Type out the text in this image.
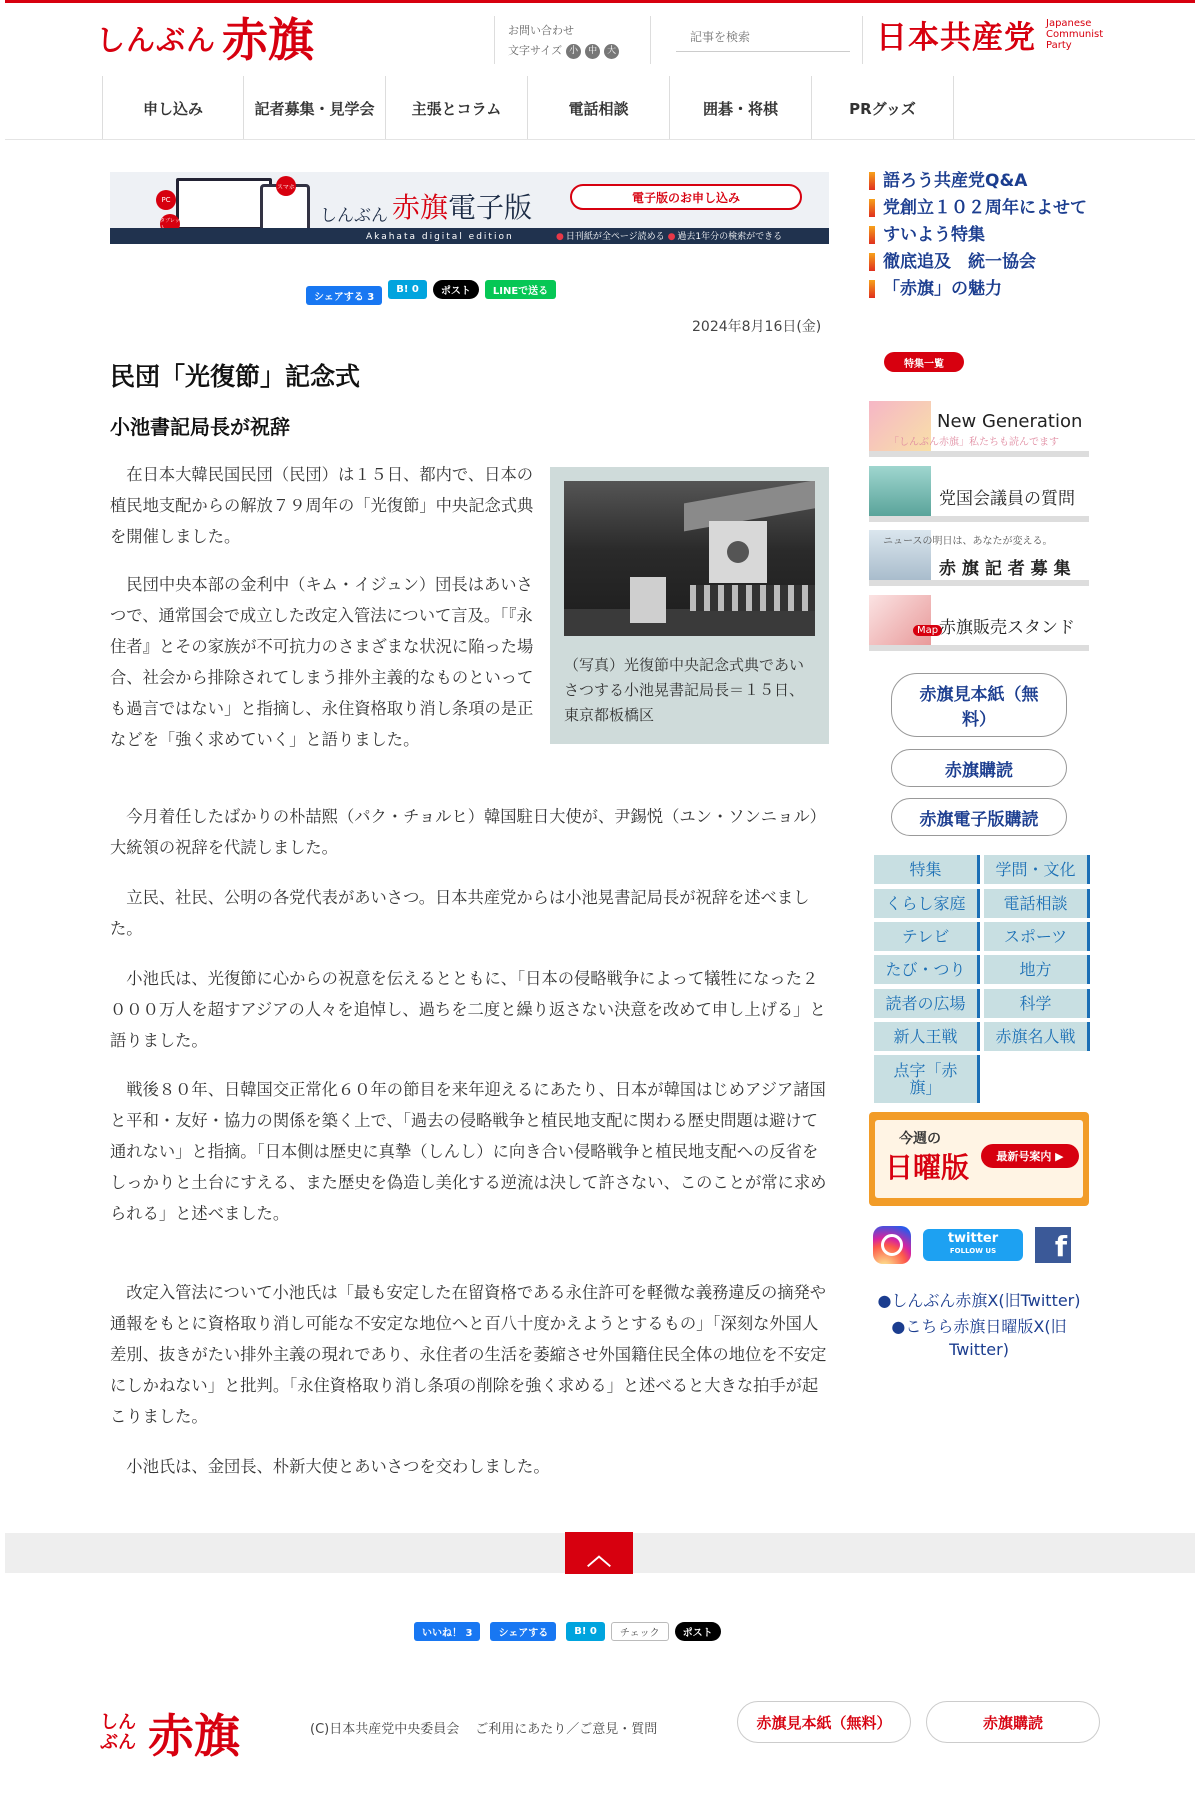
しんぶん 赤旗	お問い合わせ
文字サイズ 小	中	大
記事を検索	日本共産党 Japanese
Communist
Party
申し込み	記者募集・見学会	主張とコラム	電話相談	囲碁・将棋	PRグッズ
PC
タブレッ
スマホ
しんぶん 赤旗 電子版
Akahata digital edition
電子版のお申し込み
● 日刊紙が全ページ読める ● 過去1年分の検索ができる
シェアする 3
B! 0	ポスト	LINEで送る
2024年8月16日(金)
民団「光復節」記念式
小池書記局長が祝辞

在日本大韓民国民団（民団）は１５日、都内で、日本の植民地支配からの解放７９周年の「光復節」中央記念式典を開催しました。

民団中央本部の金利中（キム・イジュン）団長はあいさつで、通常国会で成立した改定入管法について言及。「『永住者』とその家族が不可抗力のさまざまな状況に陥った場合、社会から排除されてしまう排外主義的なものといっても過言ではない」と指摘し、永住資格取り消し条項の是正などを「強く求めていく」と語りました。

（写真）光復節中央記念式典であいさつする小池晃書記局長＝１５日、東京都板橋区

今月着任したばかりの朴喆熙（パク・チョルヒ）韓国駐日大使が、尹錫悦（ユン・ソンニョル）大統領の祝辞を代読しました。

立民、社民、公明の各党代表があいさつ。日本共産党からは小池晃書記局長が祝辞を述べました。

小池氏は、光復節に心からの祝意を伝えるとともに、「日本の侵略戦争によって犠牲になった２０００万人を超すアジアの人々を追悼し、過ちを二度と繰り返さない決意を改めて申し上げる」と語りました。

戦後８０年、日韓国交正常化６０年の節目を来年迎えるにあたり、日本が韓国はじめアジア諸国と平和・友好・協力の関係を築く上で、「過去の侵略戦争と植民地支配に関わる歴史問題は避けて通れない」と指摘。「日本側は歴史に真摯（しんし）に向き合い侵略戦争と植民地支配への反省をしっかりと土台にすえる、また歴史を偽造し美化する逆流は決して許さない、このことが常に求められる」と述べました。

改定入管法について小池氏は「最も安定した在留資格である永住許可を軽微な義務違反の摘発や通報をもとに資格取り消し可能な不安定な地位へと百八十度かえようとするもの」「深刻な外国人差別、抜きがたい排外主義の現れであり、永住者の生活を萎縮させ外国籍住民全体の地位を不安定にしかねない」と批判。「永住資格取り消し条項の削除を強く求める」と述べると大きな拍手が起こりました。

小池氏は、金団長、朴新大使とあいさつを交わしました。

語ろう共産党Q&A
党創立１０２周年によせて
すいよう特集
徹底追及　統一協会
「赤旗」の魅力
特集一覧
New Generation
「しんぶん赤旗」私たちも読んでます
党国会議員の質問
ニュースの明日は、あなたが変える。
赤 旗 記 者 募 集
Map 赤旗販売スタンド
赤旗見本紙（無料）
赤旗購読
赤旗電子版購読
特集	学問・文化
くらし家庭	電話相談
テレビ	スポーツ
たび・つり	地方
読者の広場	科学
新人王戦	赤旗名人戦
点字「赤旗」
今週の
日曜版	最新号案内 ▶
twitter
FOLLOW US	f
●しんぶん赤旗X(旧Twitter)
●こちら赤旗日曜版X(旧Twitter)
︿
いいね！ 3	シェアする	B! 0	チェック	ポスト
しんぶん 赤旗	(C)日本共産党中央委員会 ご利用にあたり／ご意見・質問	赤旗見本紙（無料）	赤旗購読
